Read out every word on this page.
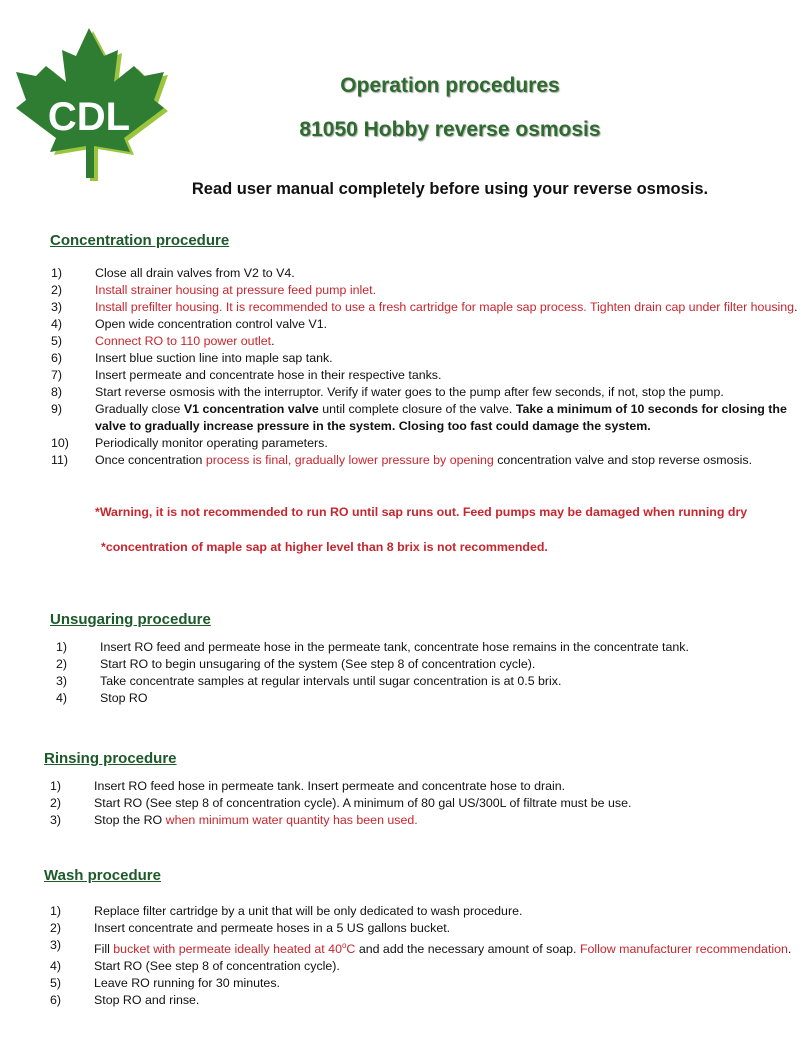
CDL
Operation procedures
81050 Hobby reverse osmosis

Read user manual completely before using your reverse osmosis.

Concentration procedure
1)	Close all drain valves from V2 to V4.
2)	Install strainer housing at pressure feed pump inlet.
3)	Install prefilter housing. It is recommended to use a fresh cartridge for maple sap process. Tighten drain cap under filter housing.
4)	Open wide concentration control valve V1.
5)	Connect RO to 110 power outlet.
6)	Insert blue suction line into maple sap tank.
7)	Insert permeate and concentrate hose in their respective tanks.
8)	Start reverse osmosis with the interruptor. Verify if water goes to the pump after few seconds, if not, stop the pump.
9)	Gradually close V1 concentration valve until complete closure of the valve. Take a minimum of 10 seconds for closing the valve to gradually increase pressure in the system. Closing too fast could damage the system.
10) Periodically monitor operating parameters.
11) Once concentration process is final, gradually lower pressure by opening concentration valve and stop reverse osmosis.

*Warning, it is not recommended to run RO until sap runs out. Feed pumps may be damaged when running dry

*concentration of maple sap at higher level than 8 brix is not recommended.

Unsugaring procedure
1)	Insert RO feed and permeate hose in the permeate tank, concentrate hose remains in the concentrate tank.
2)	Start RO to begin unsugaring of the system (See step 8 of concentration cycle).
3)	Take concentrate samples at regular intervals until sugar concentration is at 0.5 brix.
4)	Stop RO
Rinsing procedure
1)	Insert RO feed hose in permeate tank. Insert permeate and concentrate hose to drain.
2)	Start RO (See step 8 of concentration cycle). A minimum of 80 gal US/300L of filtrate must be use.
3)	Stop the RO when minimum water quantity has been used.
Wash procedure
1)	Replace filter cartridge by a unit that will be only dedicated to wash procedure.
2)	Insert concentrate and permeate hoses in a 5 US gallons bucket.
3)	Fill bucket with permeate ideally heated at 40$^o$C and add the necessary amount of soap. Follow manufacturer recommendation.
4)	Start RO (See step 8 of concentration cycle).
5)	Leave RO running for 30 minutes.
6)	Stop RO and rinse.
